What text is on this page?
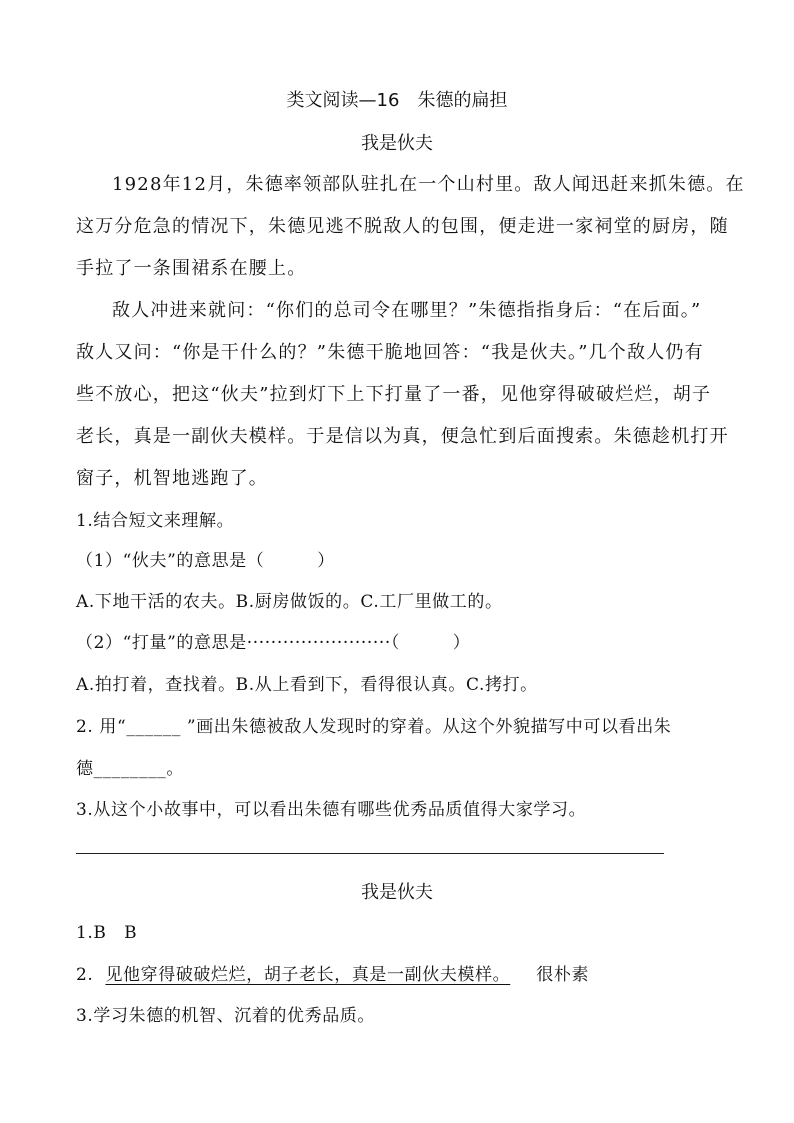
类文阅读—16　朱德的扁担
我是伙夫
1928年12月，朱德率领部队驻扎在一个山村里。敌人闻迅赶来抓朱德。在
这万分危急的情况下，朱德见逃不脱敌人的包围，便走进一家祠堂的厨房，随
手拉了一条围裙系在腰上。
敌人冲进来就问：“你们的总司令在哪里？”朱德指指身后：“在后面。”
敌人又问：“你是干什么的？”朱德干脆地回答：“我是伙夫。”几个敌人仍有
些不放心，把这“伙夫”拉到灯下上下打量了一番，见他穿得破破烂烂，胡子
老长，真是一副伙夫模样。于是信以为真，便急忙到后面搜索。朱德趁机打开
窗子，机智地逃跑了。
1.结合短文来理解。
（1）“伙夫”的意思是（　　　）
A.下地干活的农夫。B.厨房做饭的。C.工厂里做工的。
（2）“打量”的意思是························（　　　）
A.拍打着，查找着。B.从上看到下，看得很认真。C.拷打。
2. 用“______ ”画出朱德被敌人发现时的穿着。从这个外貌描写中可以看出朱
德________。
3.从这个小故事中，可以看出朱德有哪些优秀品质值得大家学习。
我是伙夫
1.B　B
2. 见他穿得破破烂烂，胡子老长，真是一副伙夫模样。 很朴素
3.学习朱德的机智、沉着的优秀品质。
